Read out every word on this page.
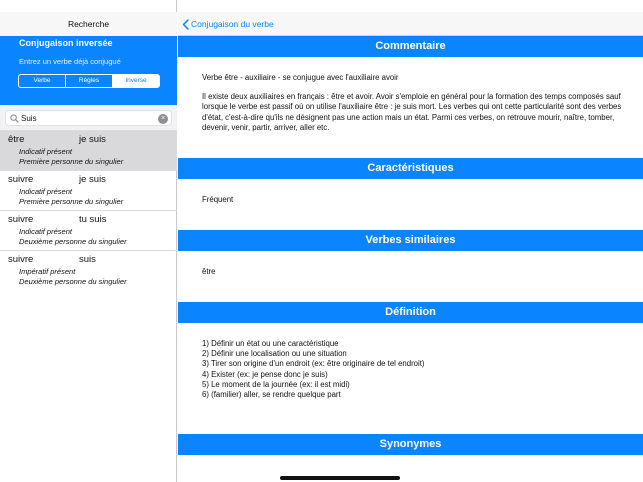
Recherche
Conjugaison inversée
Entrez un verbe déjà conjugué
Verbe	Règles	Inverse
Suis
×
être	je suis
Indicatif présent
Première personne du singulier
suivre	je suis
Indicatif présent
Première personne du singulier
suivre	tu suis
Indicatif présent
Deuxième personne du singulier
suivre	suis
Impératif présent
Deuxième personne du singulier
Conjugaison du verbe
Commentaire

Verbe être - auxiliaire - se conjugue avec l'auxiliaire avoir

Il existe deux auxiliaires en français : être et avoir. Avoir s'emploie en général pour la formation des temps composés sauf lorsque le verbe est passif où on utilise l'auxiliaire être : je suis mort. Les verbes qui ont cette particularité sont des verbes d'état, c'est-à-dire qu'ils ne désignent pas une action mais un état. Parmi ces verbes, on retrouve mourir, naître, tomber, devenir, venir, partir, arriver, aller etc.

Caractéristiques

Fréquent

Verbes similaires

être

Définition

1) Définir un état ou une caractéristique

2) Définir une localisation ou une situation

3) Tirer son origine d'un endroit (ex: être originaire de tel endroit)

4) Exister (ex: je pense donc je suis)

5) Le moment de la journée (ex: il est midi)

6) (familier) aller, se rendre quelque part

Synonymes
